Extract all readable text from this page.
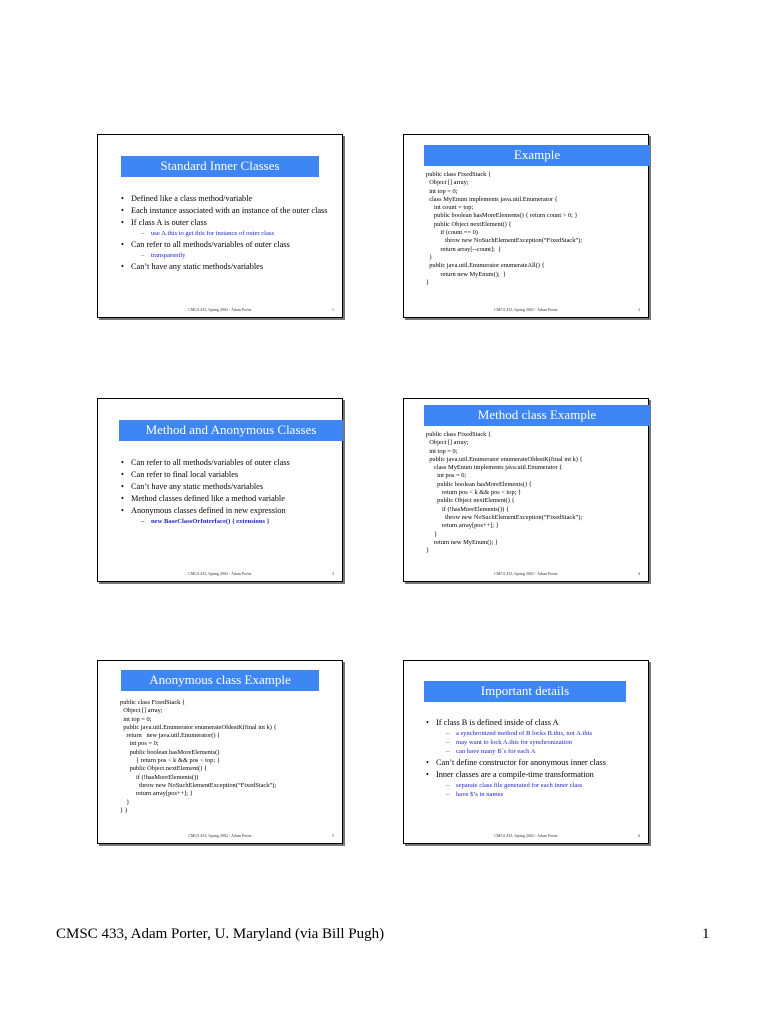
Standard Inner Classes
• Defined like a class method/variable
• Each instance associated with an instance of the outer class
• If class A is outer class
– use A.this to get this for instance of outer class
• Can refer to all methods/variables of outer class
– transparently
• Can’t have any static methods/variables
CMCS 433, Spring 2002 - Adam Porter	1
Example
public class FixedStack {
Object [] array;
int top = 0;
class MyEnum implements java.util.Enumerator {
int count = top;
public boolean hasMoreElements() { return count > 0; }
public Object nextElement() {
if (count == 0)
throw new NoSuchElementException(“FixedStack”);
return array[--count];  }
}
public java.util.Enumerator enumerateAll() {
return new MyEnum();  }
}
CMCS 433, Spring 2002 - Adam Porter	2
Method and Anonymous Classes
• Can refer to all methods/variables of outer class
• Can refer to final local variables
• Can’t have any static methods/variables
• Method classes defined like a method variable
• Anonymous classes defined in new expression
– new BaseClassOrInterface() { extensions }
CMCS 433, Spring 2002 - Adam Porter	3
Method class Example
public class FixedStack {
Object [] array;
int top = 0;
public java.util.Enumerator enumerateOldestK(final int k) {
class MyEnum implements java.util.Enumerator {
int pos = 0;
public boolean hasMoreElements() {
return pos < k && pos < top; }
public Object nextElement() {
if (!hasMoreElements()) {
throw new NoSuchElementException(“FixedStack”);
return array[pos++]; }
}
return new MyEnum(); }
}
CMCS 433, Spring 2002 - Adam Porter	4
Anonymous class Example
public class FixedStack {
Object [] array;
int top = 0;
public java.util.Enumerator enumerateOldestK(final int k) {
return   new java.util.Enumerator() {
int pos = 0;
public boolean hasMoreElements()
{ return pos < k && pos < top; }
public Object nextElement() {
if (!hasMoreElements())
throw new NoSuchElementException(“FixedStack”);
return array[pos++]; }
}
} }
CMCS 433, Spring 2002 - Adam Porter	5
Important details
• If class B is defined inside of class A
– a synchronized method of B locks B.this, not A.this
– may want to lock A.this for synchronization
– can have many B`s for each A
• Can’t define constructor for anonymous inner class
• Inner classes are a compile-time transformation
– separate class file generated for each inner class
– have $’s in names
CMCS 433, Spring 2002 - Adam Porter	6
CMSC 433, Adam Porter, U. Maryland (via Bill Pugh)	1
